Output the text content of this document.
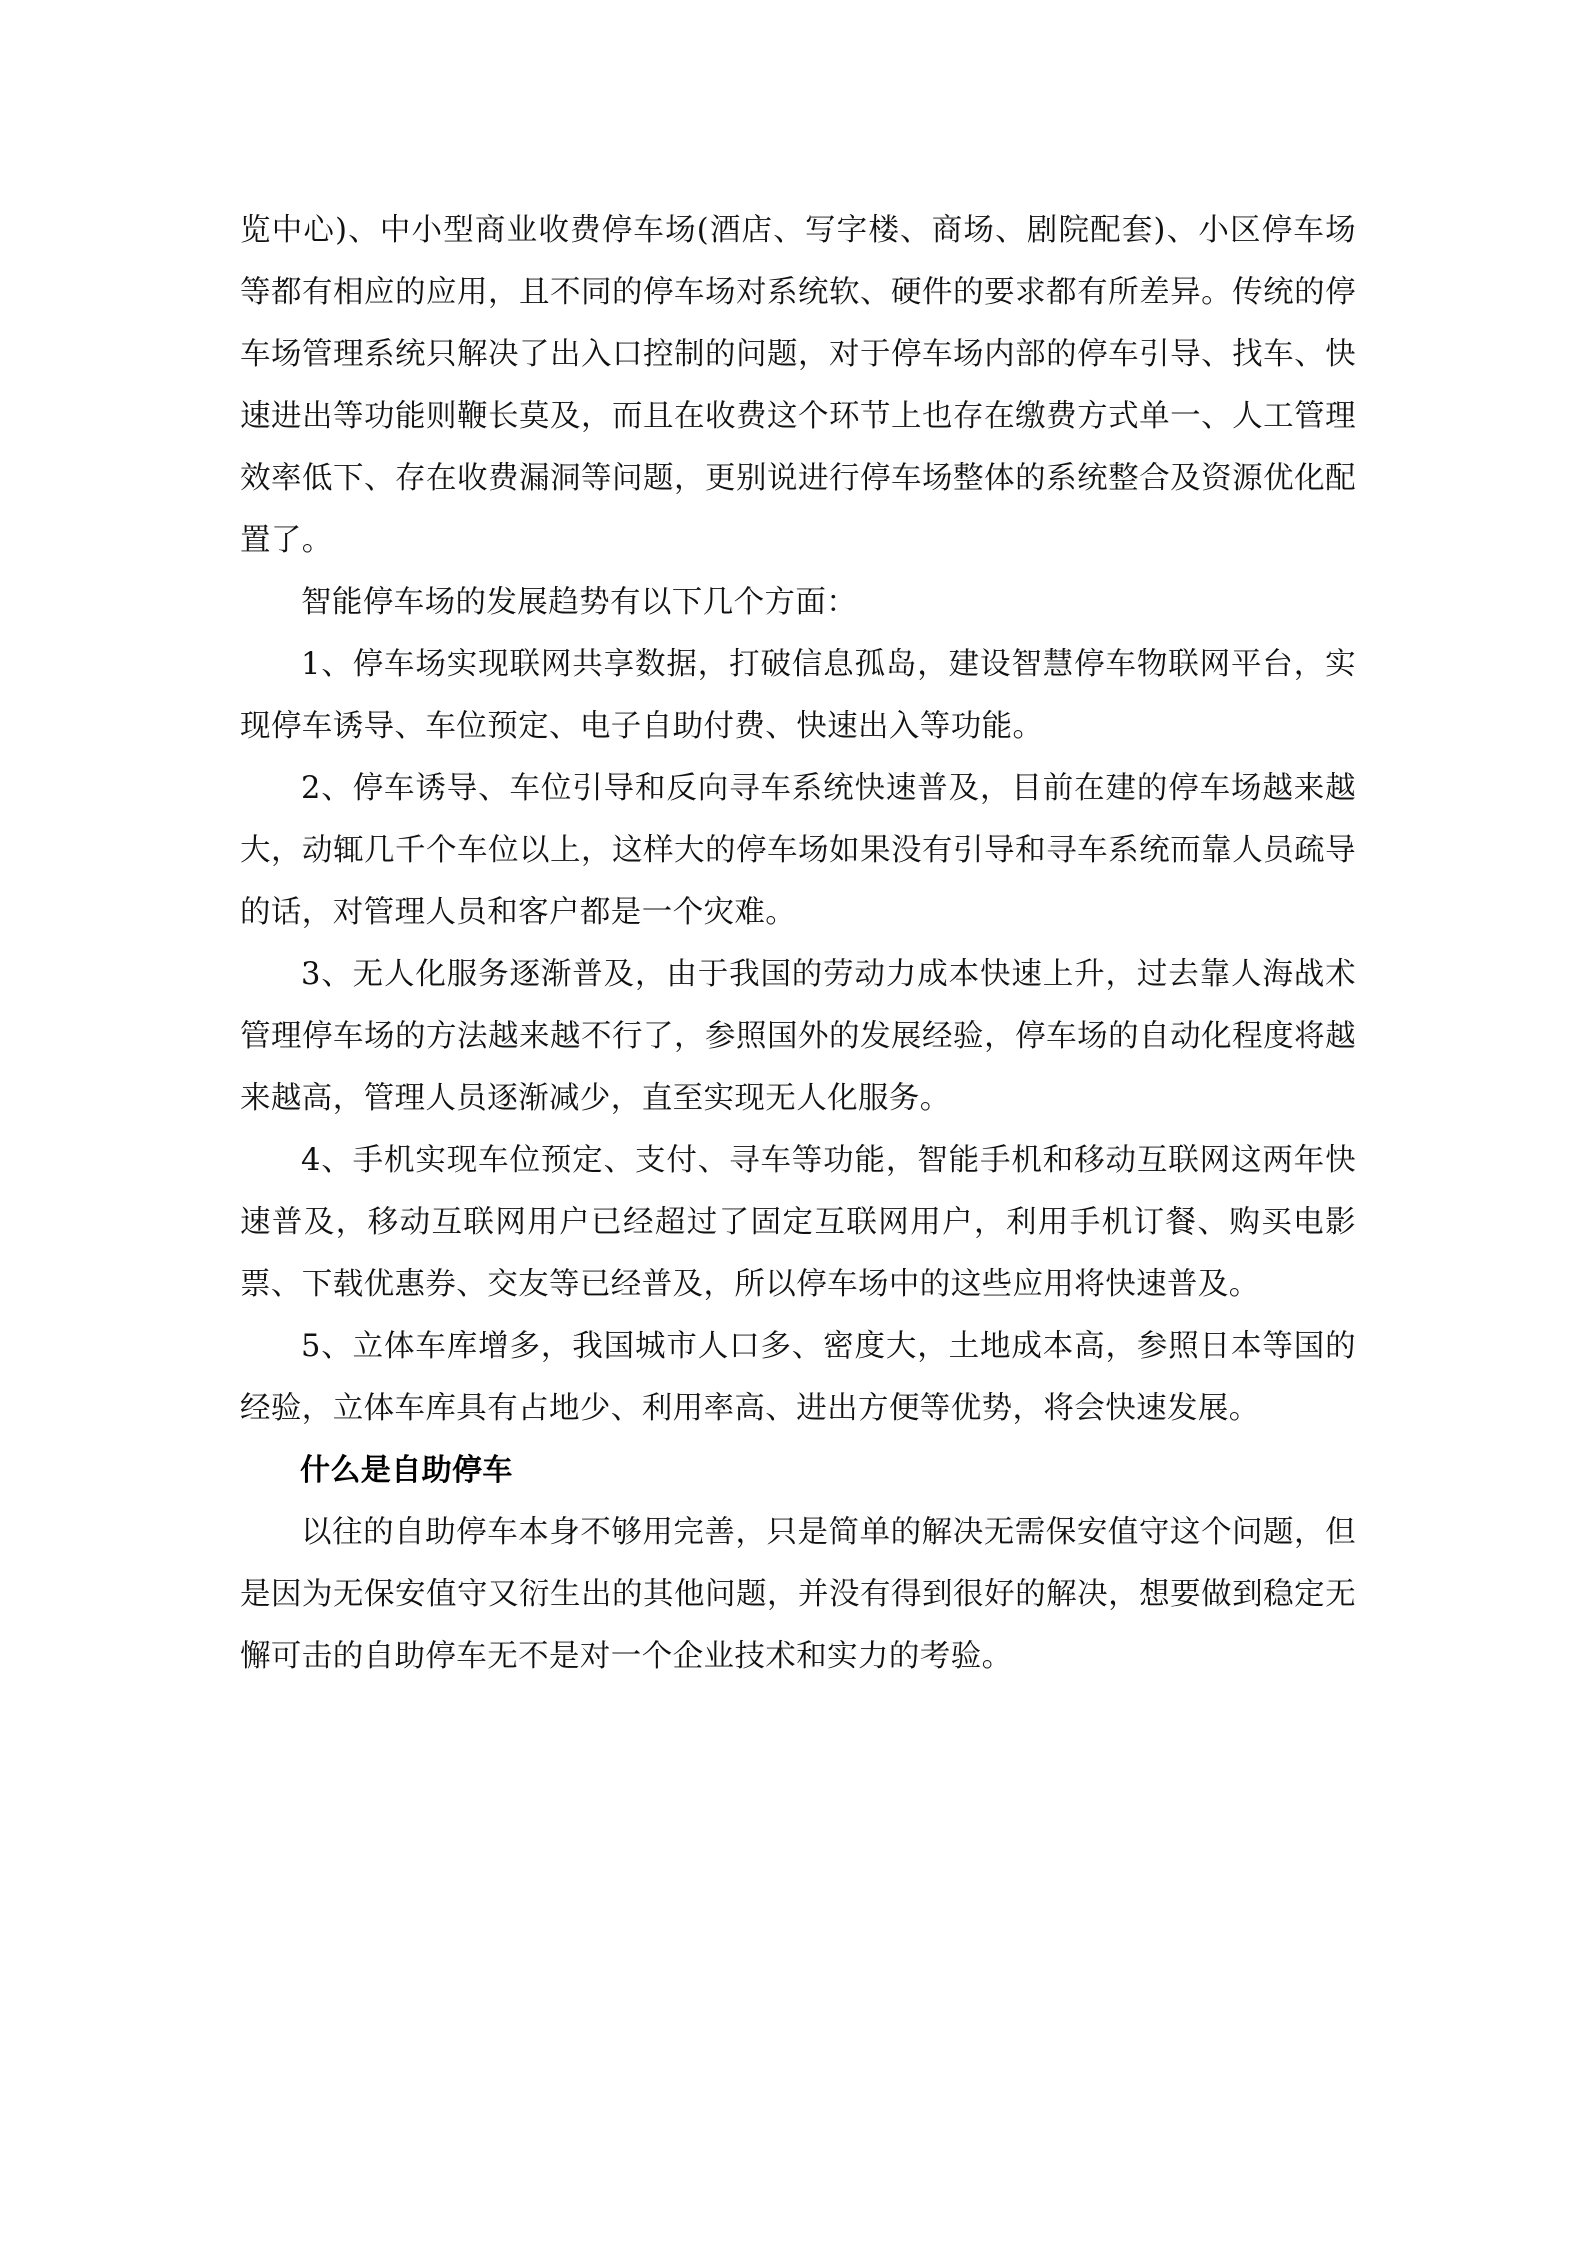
览中心)、中小型商业收费停车场(酒店、写字楼、商场、剧院配套)、小区停车场等都有相应的应用，且不同的停车场对系统软、硬件的要求都有所差异。传统的停车场管理系统只解决了出入口控制的问题，对于停车场内部的停车引导、找车、快速进出等功能则鞭长莫及，而且在收费这个环节上也存在缴费方式单一、人工管理效率低下、存在收费漏洞等问题，更别说进行停车场整体的系统整合及资源优化配置了。

智能停车场的发展趋势有以下几个方面：

1、停车场实现联网共享数据，打破信息孤岛，建设智慧停车物联网平台，实现停车诱导、车位预定、电子自助付费、快速出入等功能。

2、停车诱导、车位引导和反向寻车系统快速普及，目前在建的停车场越来越大，动辄几千个车位以上，这样大的停车场如果没有引导和寻车系统而靠人员疏导的话，对管理人员和客户都是一个灾难。

3、无人化服务逐渐普及，由于我国的劳动力成本快速上升，过去靠人海战术管理停车场的方法越来越不行了，参照国外的发展经验，停车场的自动化程度将越来越高，管理人员逐渐减少，直至实现无人化服务。

4、手机实现车位预定、支付、寻车等功能，智能手机和移动互联网这两年快速普及，移动互联网用户已经超过了固定互联网用户，利用手机订餐、购买电影票、下载优惠券、交友等已经普及，所以停车场中的这些应用将快速普及。

5、立体车库增多，我国城市人口多、密度大，土地成本高，参照日本等国的经验，立体车库具有占地少、利用率高、进出方便等优势，将会快速发展。

什么是自助停车

以往的自助停车本身不够用完善，只是简单的解决无需保安值守这个问题，但是因为无保安值守又衍生出的其他问题，并没有得到很好的解决，想要做到稳定无懈可击的自助停车无不是对一个企业技术和实力的考验。
